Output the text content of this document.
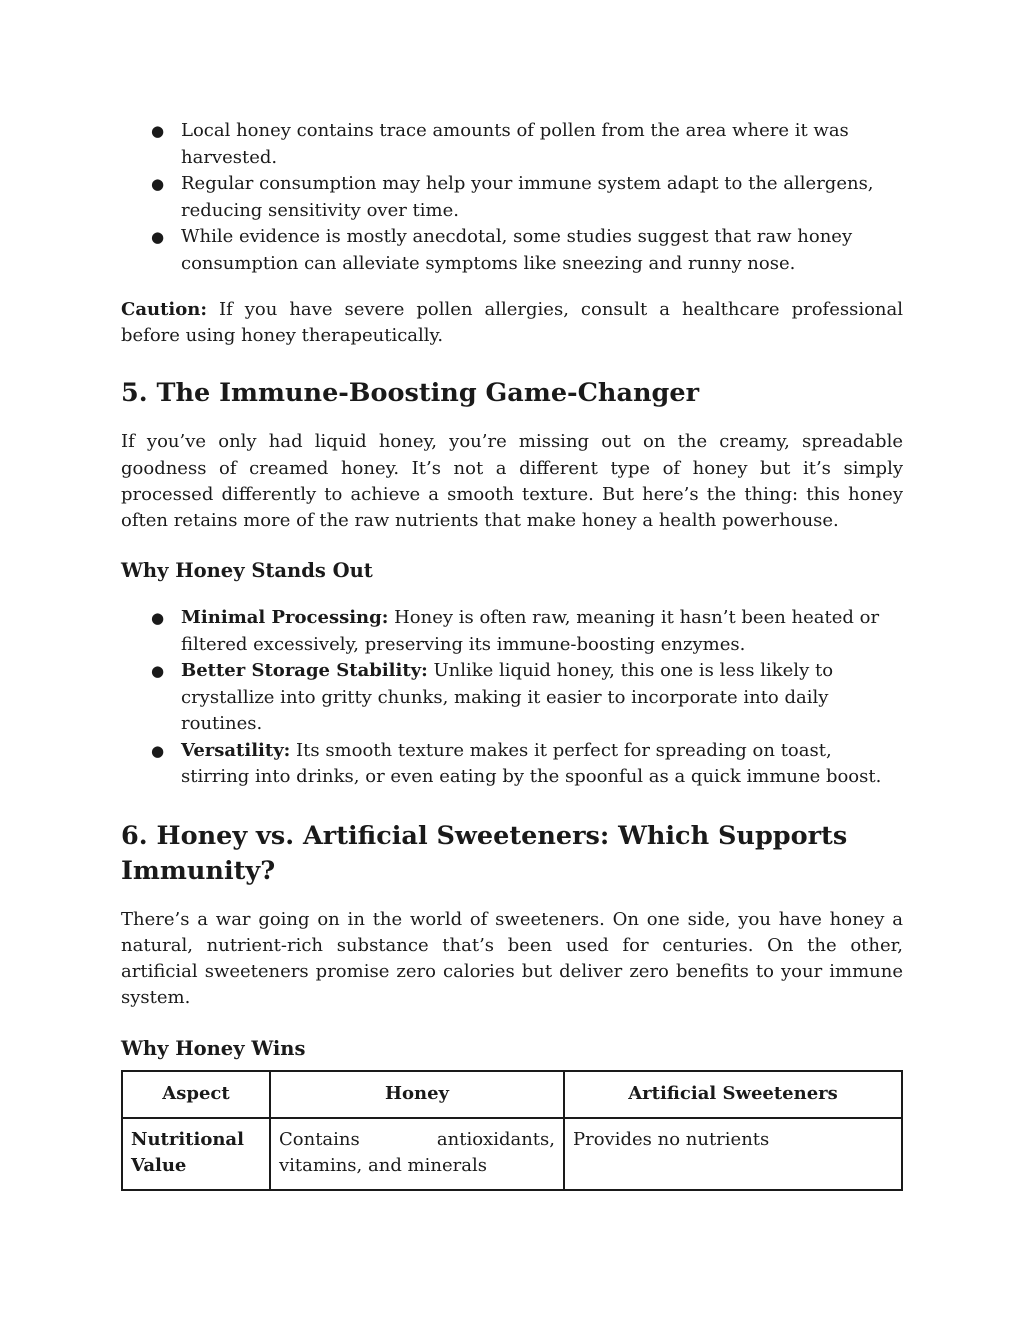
● Local honey contains trace amounts of pollen from the area where it was harvested.
● Regular consumption may help your immune system adapt to the allergens, reducing sensitivity over time.
● While evidence is mostly anecdotal, some studies suggest that raw honey consumption can alleviate symptoms like sneezing and runny nose.

Caution: If you have severe pollen allergies, consult a healthcare professional before using honey therapeutically.

5. The Immune-Boosting Game-Changer

If you’ve only had liquid honey, you’re missing out on the creamy, spreadable goodness of creamed honey. It’s not a different type of honey but it’s simply processed differently to achieve a smooth texture. But here’s the thing: this honey often retains more of the raw nutrients that make honey a health powerhouse.

Why Honey Stands Out
● Minimal Processing: Honey is often raw, meaning it hasn’t been heated or filtered excessively, preserving its immune-boosting enzymes.
● Better Storage Stability: Unlike liquid honey, this one is less likely to crystallize into gritty chunks, making it easier to incorporate into daily routines.
● Versatility: Its smooth texture makes it perfect for spreading on toast, stirring into drinks, or even eating by the spoonful as a quick immune boost.
6. Honey vs. Artificial Sweeteners: Which Supports Immunity?

There’s a war going on in the world of sweeteners. On one side, you have honey a natural, nutrient-rich substance that’s been used for centuries. On the other, artificial sweeteners promise zero calories but deliver zero benefits to your immune system.

Why Honey Wins
Aspect	Honey	Artificial Sweeteners
Nutritional Value	Contains antioxidants, vitamins, and minerals	Provides no nutrients
